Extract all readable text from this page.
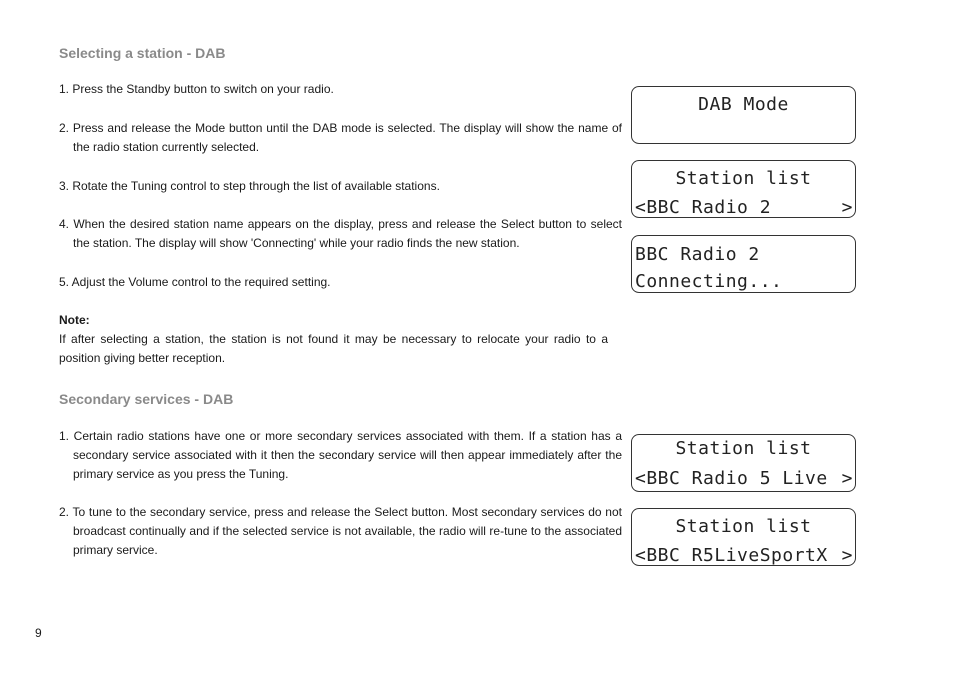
Selecting a station - DAB

1. Press the Standby button to switch on your radio.

2. Press and release the Mode button until the DAB mode is selected. The display will show the name of the radio station currently selected.

3. Rotate the Tuning control to step through the list of available stations.

4. When the desired station name appears on the display, press and release the Select button to select the station. The display will show 'Connecting' while your radio finds the new station.

5. Adjust the Volume control to the required setting.

Note:

If after selecting a station, the station is not found it may be necessary to relocate your radio to a position giving better reception.

Secondary services - DAB

1. Certain radio stations have one or more secondary services associated with them. If a station has a secondary service associated with it then the secondary service will then appear immediately after the primary service as you press the Tuning.

2. To tune to the secondary service, press and release the Select button. Most secondary services do not broadcast continually and if the selected service is not available, the radio will re-tune to the associated primary service.

DAB Mode
Station list
<BBC Radio 2	>
BBC Radio 2
Connecting...
Station list
<BBC Radio 5 Live >
Station list
<BBC R5LiveSportX >
9
